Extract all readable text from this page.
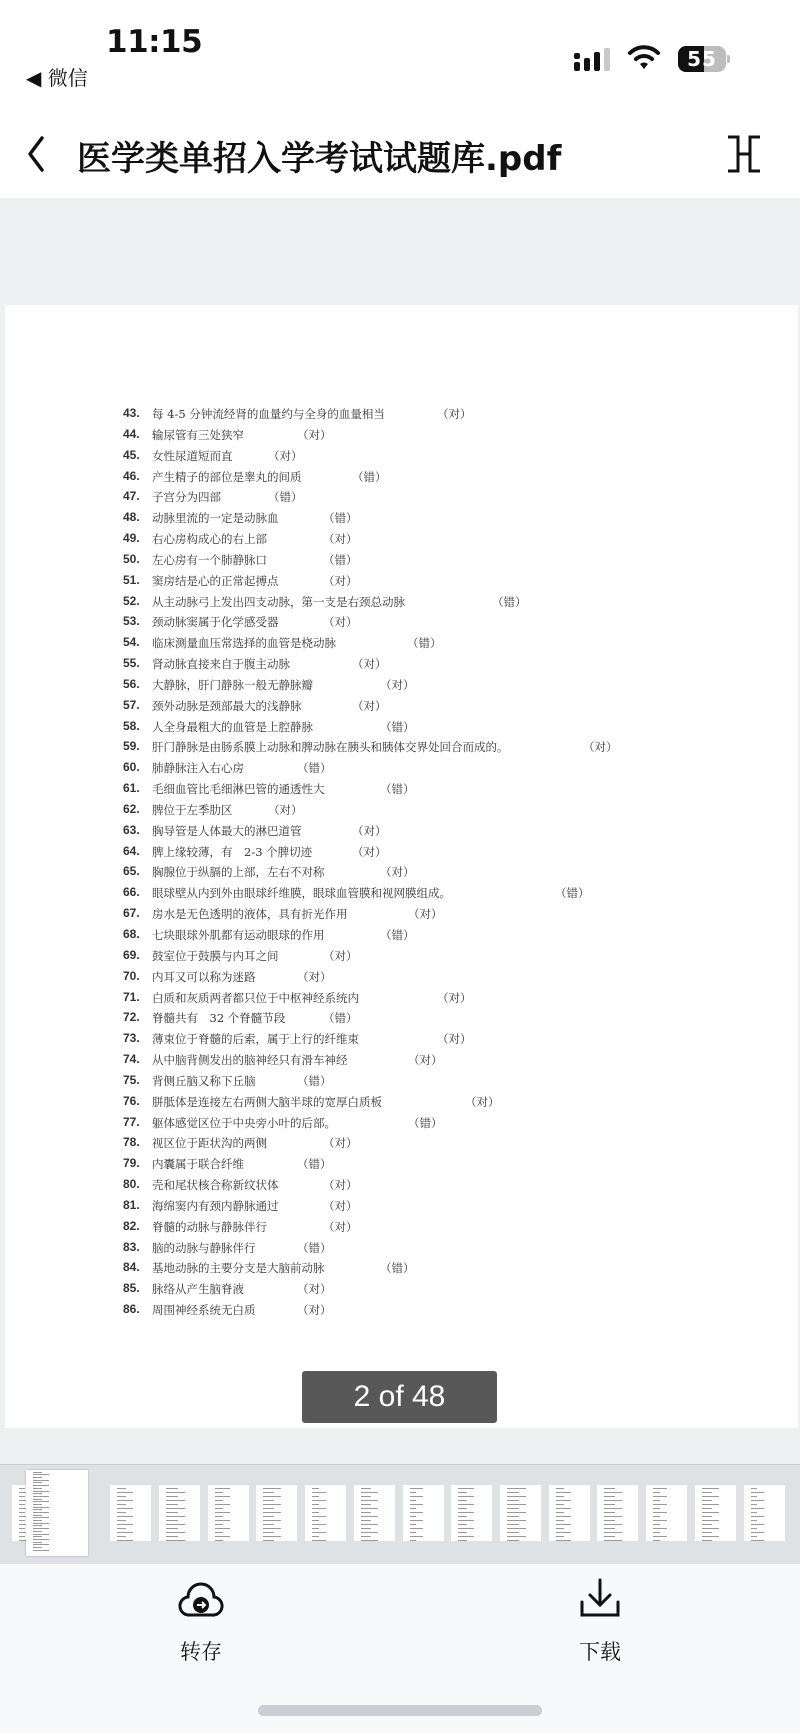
11:15
◀ 微信
55
医学类单招入学考试试题库.pdf
43. 每 4-5 分钟流经肾的血量约与全身的血量相当	（对）
44. 输尿管有三处狭窄	（对）
45. 女性尿道短而直	（对）
46. 产生精子的部位是睾丸的间质	（错）
47. 子宫分为四部	（错）
48. 动脉里流的一定是动脉血	（错）
49. 右心房构成心的右上部	（对）
50. 左心房有一个肺静脉口	（错）
51. 窦房结是心的正常起搏点	（对）
52. 从主动脉弓上发出四支动脉，第一支是右颈总动脉	（错）
53. 颈动脉窦属于化学感受器	（对）
54. 临床测量血压常选择的血管是桡动脉	（错）
55. 肾动脉直接来自于腹主动脉	（对）
56. 大静脉，肝门静脉一般无静脉瓣	（对）
57. 颈外动脉是颈部最大的浅静脉	（对）
58. 人全身最粗大的血管是上腔静脉	（错）
59. 肝门静脉是由肠系膜上动脉和脾动脉在胰头和胰体交界处回合而成的。	（对）
60. 肺静脉注入右心房	（错）
61. 毛细血管比毛细淋巴管的通透性大	（错）
62. 脾位于左季肋区	（对）
63. 胸导管是人体最大的淋巴道管	（对）
64. 脾上缘较薄，有　2-3 个脾切迹	（对）
65. 胸腺位于纵膈的上部，左右不对称	（对）
66. 眼球壁从内到外由眼球纤维膜，眼球血管膜和视网膜组成。	（错）
67. 房水是无色透明的液体，具有折光作用	（对）
68. 七块眼球外肌都有运动眼球的作用	（错）
69. 鼓室位于鼓膜与内耳之间	（对）
70. 内耳又可以称为迷路	（对）
71. 白质和灰质两者都只位于中枢神经系统内	（对）
72. 脊髓共有　32 个脊髓节段	（错）
73. 薄束位于脊髓的后索，属于上行的纤维束	（对）
74. 从中脑背侧发出的脑神经只有滑车神经	（对）
75. 背侧丘脑又称下丘脑	（错）
76. 胼胝体是连接左右两侧大脑半球的宽厚白质板	（对）
77. 躯体感觉区位于中央旁小叶的后部。	（错）
78. 视区位于距状沟的两侧	（对）
79. 内囊属于联合纤维	（错）
80. 壳和尾状核合称新纹状体	（对）
81. 海绵窦内有颈内静脉通过	（对）
82. 脊髓的动脉与静脉伴行	（对）
83. 脑的动脉与静脉伴行	（错）
84. 基地动脉的主要分支是大脑前动脉	（错）
85. 脉络从产生脑脊液	（对）
86. 周围神经系统无白质	（对）
2 of 48
转存	下载
